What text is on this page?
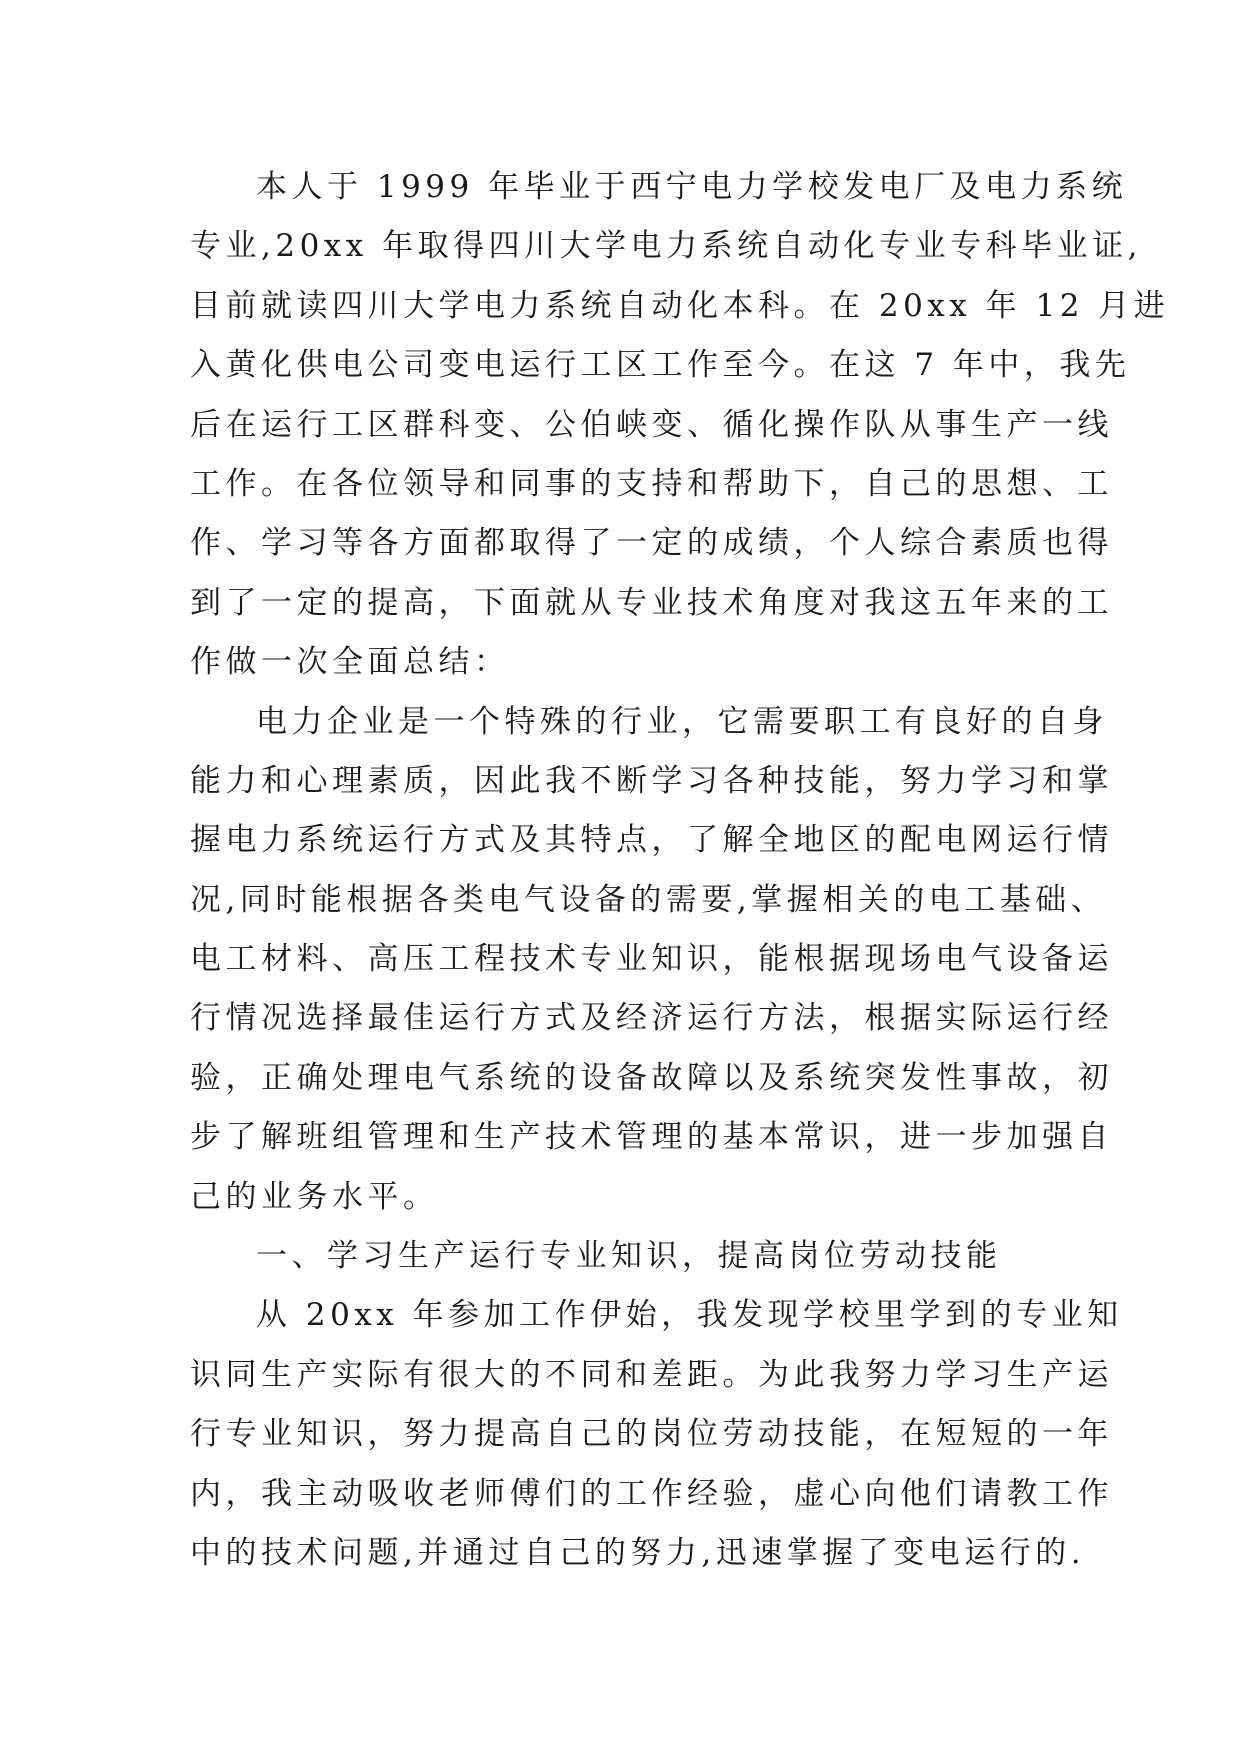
本人于 1999 年毕业于西宁电力学校发电厂及电力系统
专业,20xx 年取得四川大学电力系统自动化专业专科毕业证,
目前就读四川大学电力系统自动化本科。在 20xx 年 12 月进
入黄化供电公司变电运行工区工作至今。在这 7 年中，我先
后在运行工区群科变、公伯峡变、循化操作队从事生产一线
工作。在各位领导和同事的支持和帮助下，自己的思想、工
作、学习等各方面都取得了一定的成绩，个人综合素质也得
到了一定的提高，下面就从专业技术角度对我这五年来的工
作做一次全面总结：
电力企业是一个特殊的行业，它需要职工有良好的自身
能力和心理素质，因此我不断学习各种技能，努力学习和掌
握电力系统运行方式及其特点，了解全地区的配电网运行情
况,同时能根据各类电气设备的需要,掌握相关的电工基础、
电工材料、高压工程技术专业知识，能根据现场电气设备运
行情况选择最佳运行方式及经济运行方法，根据实际运行经
验，正确处理电气系统的设备故障以及系统突发性事故，初
步了解班组管理和生产技术管理的基本常识，进一步加强自
己的业务水平。
一、学习生产运行专业知识，提高岗位劳动技能
从 20xx 年参加工作伊始，我发现学校里学到的专业知
识同生产实际有很大的不同和差距。为此我努力学习生产运
行专业知识，努力提高自己的岗位劳动技能，在短短的一年
内，我主动吸收老师傅们的工作经验，虚心向他们请教工作
中的技术问题,并通过自己的努力,迅速掌握了变电运行的.
